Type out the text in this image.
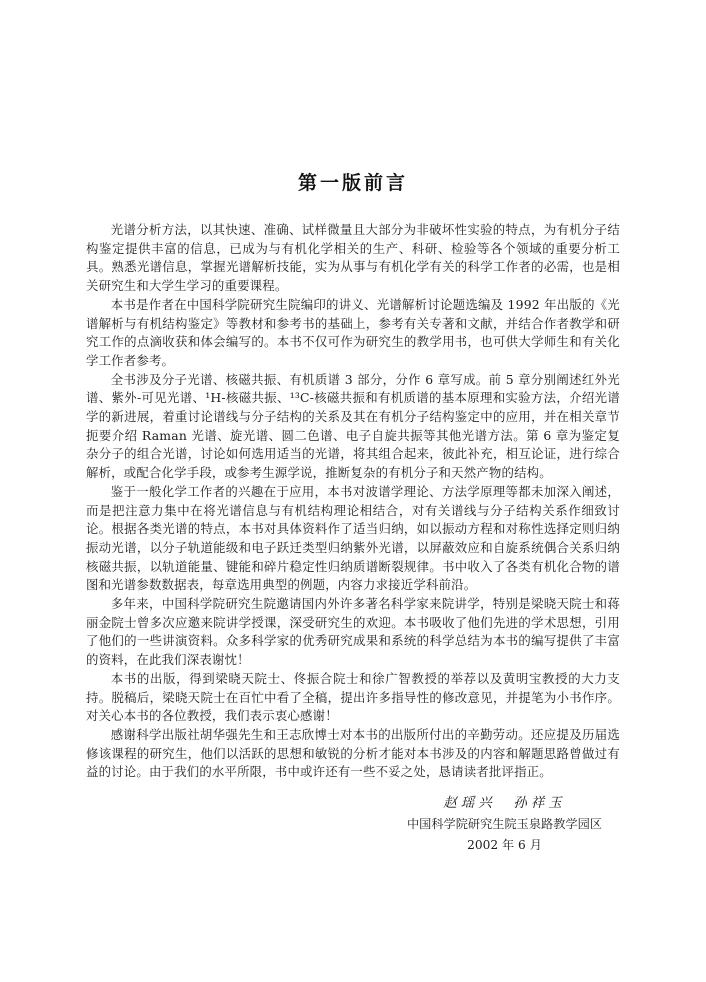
第一版前言

光谱分析方法，以其快速、准确、试样微量且大部分为非破坏性实验的特点，为有机分子结构鉴定提供丰富的信息，已成为与有机化学相关的生产、科研、检验等各个领域的重要分析工具。熟悉光谱信息，掌握光谱解析技能，实为从事与有机化学有关的科学工作者的必需，也是相关研究生和大学生学习的重要课程。

本书是作者在中国科学院研究生院编印的讲义、光谱解析讨论题选编及 1992 年出版的《光谱解析与有机结构鉴定》等教材和参考书的基础上，参考有关专著和文献，并结合作者教学和研究工作的点滴收获和体会编写的。本书不仅可作为研究生的教学用书，也可供大学师生和有关化学工作者参考。

全书涉及分子光谱、核磁共振、有机质谱 3 部分，分作 6 章写成。前 5 章分别阐述红外光谱、紫外-可见光谱、¹H-核磁共振、¹³C-核磁共振和有机质谱的基本原理和实验方法，介绍光谱学的新进展，着重讨论谱线与分子结构的关系及其在有机分子结构鉴定中的应用，并在相关章节扼要介绍 Raman 光谱、旋光谱、圆二色谱、电子自旋共振等其他光谱方法。第 6 章为鉴定复杂分子的组合光谱，讨论如何选用适当的光谱，将其组合起来，彼此补充，相互论证，进行综合解析，或配合化学手段，或参考生源学说，推断复杂的有机分子和天然产物的结构。

鉴于一般化学工作者的兴趣在于应用，本书对波谱学理论、方法学原理等都未加深入阐述，而是把注意力集中在将光谱信息与有机结构理论相结合，对有关谱线与分子结构关系作细致讨论。根据各类光谱的特点，本书对具体资料作了适当归纳，如以振动方程和对称性选择定则归纳振动光谱，以分子轨道能级和电子跃迁类型归纳紫外光谱，以屏蔽效应和自旋系统偶合关系归纳核磁共振，以轨道能量、键能和碎片稳定性归纳质谱断裂规律。书中收入了各类有机化合物的谱图和光谱参数数据表，每章选用典型的例题，内容力求接近学科前沿。

多年来，中国科学院研究生院邀请国内外许多著名科学家来院讲学，特别是梁晓天院士和蒋丽金院士曾多次应邀来院讲学授课，深受研究生的欢迎。本书吸收了他们先进的学术思想，引用了他们的一些讲演资料。众多科学家的优秀研究成果和系统的科学总结为本书的编写提供了丰富的资料，在此我们深表谢忱！

本书的出版，得到梁晓天院士、佟振合院士和徐广智教授的举荐以及黄明宝教授的大力支持。脱稿后，梁晓天院士在百忙中看了全稿，提出许多指导性的修改意见，并提笔为小书作序。对关心本书的各位教授，我们表示衷心感谢！

感谢科学出版社胡华强先生和王志欣博士对本书的出版所付出的辛勤劳动。还应提及历届选修该课程的研究生，他们以活跃的思想和敏锐的分析才能对本书涉及的内容和解题思路曾做过有益的讨论。由于我们的水平所限，书中或许还有一些不妥之处，恳请读者批评指正。

赵瑶兴　孙祥玉
中国科学院研究生院玉泉路教学园区
2002 年 6 月
